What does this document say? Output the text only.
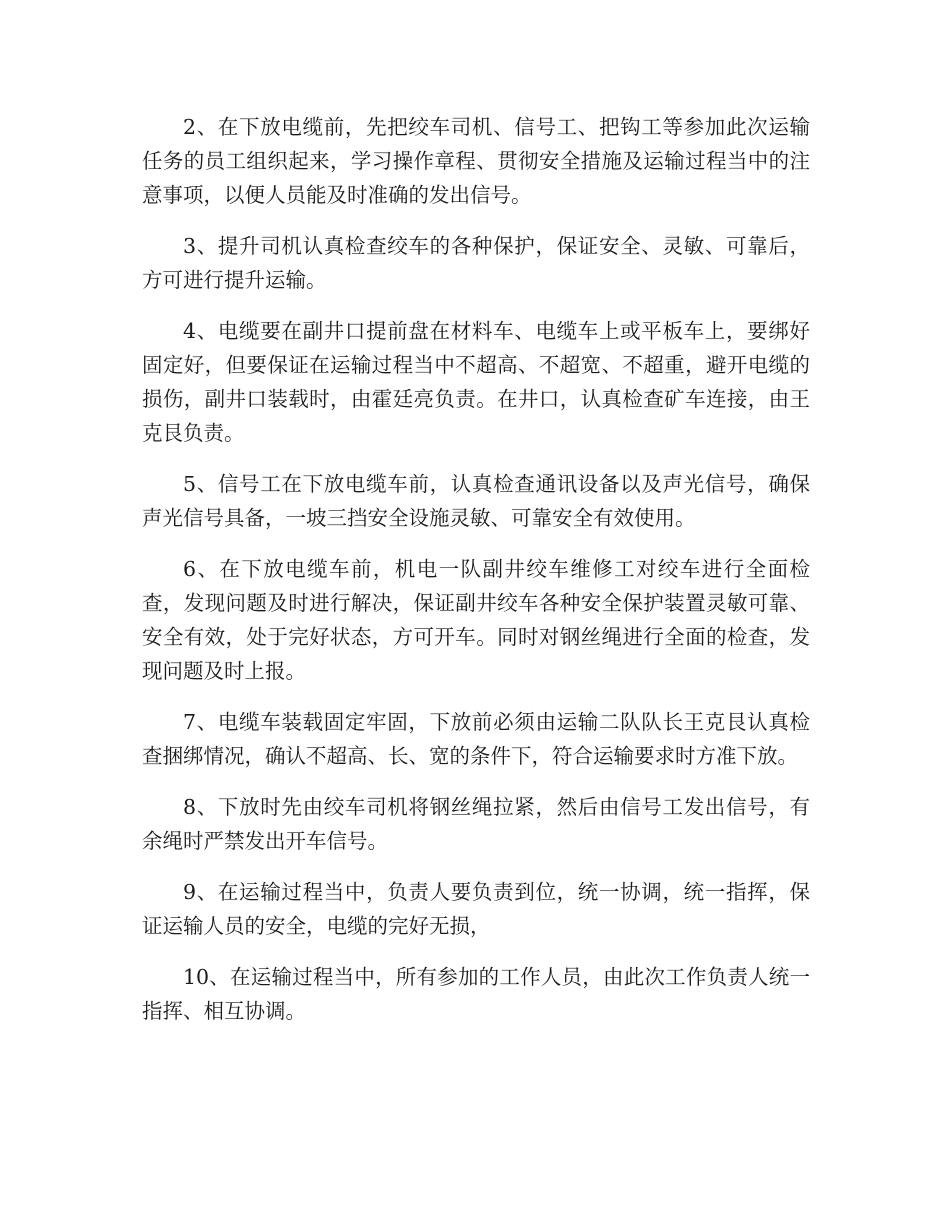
2、在下放电缆前，先把绞车司机、信号工、把钩工等参加此次运输任务的员工组织起来，学习操作章程、贯彻安全措施及运输过程当中的注意事项，以便人员能及时准确的发出信号。

3、提升司机认真检查绞车的各种保护，保证安全、灵敏、可靠后，方可进行提升运输。

4、电缆要在副井口提前盘在材料车、电缆车上或平板车上，要绑好固定好，但要保证在运输过程当中不超高、不超宽、不超重，避开电缆的损伤，副井口装载时，由霍廷亮负责。在井口，认真检查矿车连接，由王克艮负责。

5、信号工在下放电缆车前，认真检查通讯设备以及声光信号，确保声光信号具备，一坡三挡安全设施灵敏、可靠安全有效使用。

6、在下放电缆车前，机电一队副井绞车维修工对绞车进行全面检查，发现问题及时进行解决，保证副井绞车各种安全保护装置灵敏可靠、安全有效，处于完好状态，方可开车。同时对钢丝绳进行全面的检查，发现问题及时上报。

7、电缆车装载固定牢固，下放前必须由运输二队队长王克艮认真检查捆绑情况，确认不超高、长、宽的条件下，符合运输要求时方准下放。

8、下放时先由绞车司机将钢丝绳拉紧，然后由信号工发出信号，有余绳时严禁发出开车信号。

9、在运输过程当中，负责人要负责到位，统一协调，统一指挥，保证运输人员的安全，电缆的完好无损，

10、在运输过程当中，所有参加的工作人员，由此次工作负责人统一指挥、相互协调。
